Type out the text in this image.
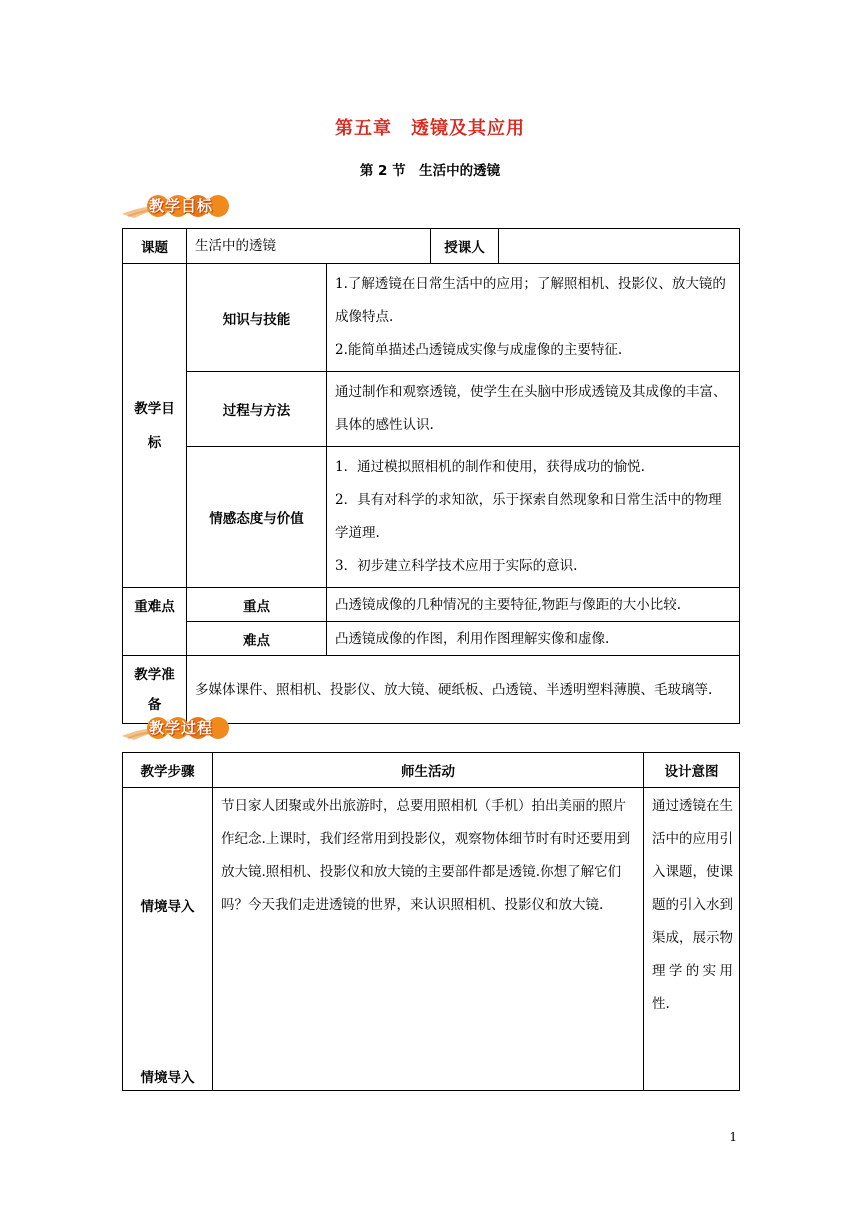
第五章　透镜及其应用
第 2 节　生活中的透镜
教学目标
课题	生活中的透镜		授课人	
教学目标	知识与技能	1.了解透镜在日常生活中的应用；了解照相机、投影仪、放大镜的成像特点.

2.能简单描述凸透镜成实像与成虚像的主要特征.		

	过程与方法	通过制作和观察透镜，使学生在头脑中形成透镜及其成像的丰富、具体的感性认识.		
	情感态度与价值	1．通过模拟照相机的制作和使用，获得成功的愉悦.

2．具有对科学的求知欲，乐于探索自然现象和日常生活中的物理学道理.

3．初步建立科学技术应用于实际的意识.		

重难点	重点	凸透镜成像的几种情况的主要特征,物距与像距的大小比较.		
	难点	凸透镜成像的作图，利用作图理解实像和虚像.		
教学准备	多媒体课件、照相机、投影仪、放大镜、硬纸板、凸透镜、半透明塑料薄膜、毛玻璃等.			
教学过程
教学步骤	师生活动	设计意图

情境导入
情境导入	节日家人团聚或外出旅游时，总要用照相机（手机）拍出美丽的照片作纪念.上课时，我们经常用到投影仪，观察物体细节时有时还要用到放大镜.照相机、投影仪和放大镜的主要部件都是透镜.你想了解它们吗？今天我们走进透镜的世界，来认识照相机、投影仪和放大镜.	通过透镜在生活中的应用引入课题，使课题的引入水到渠成，展示物理学的实用性.
1
